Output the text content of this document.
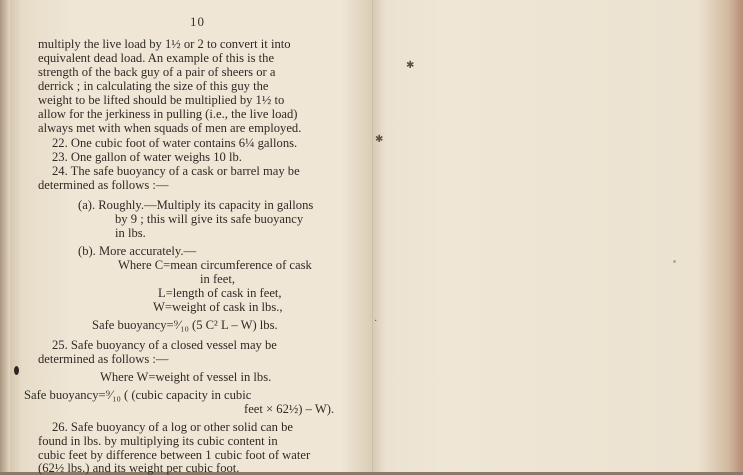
10
multiply the live load by 1½ or 2 to convert it into
equivalent dead load. An example of this is the
strength of the back guy of a pair of sheers or a
derrick ; in calculating the size of this guy the
weight to be lifted should be multiplied by 1½ to
allow for the jerkiness in pulling (i.e., the live load)
always met with when squads of men are employed.
22. One cubic foot of water contains 6¼ gallons.
23. One gallon of water weighs 10 lb.
24. The safe buoyancy of a cask or barrel may be
determined as follows :—
(a). Roughly.—Multiply its capacity in gallons
by 9 ; this will give its safe buoyancy
in lbs.
(b). More accurately.—
Where C=mean circumference of cask
in feet,
L=length of cask in feet,
W=weight of cask in lbs.,
Safe buoyancy=⁹⁄₁₀ (5 C² L – W) lbs.
25. Safe buoyancy of a closed vessel may be
determined as follows :—
Where W=weight of vessel in lbs.
Safe buoyancy=⁹⁄₁₀ ( (cubic capacity in cubic
feet × 62½) – W).
26. Safe buoyancy of a log or other solid can be
found in lbs. by multiplying its cubic content in
cubic feet by difference between 1 cubic foot of water
(62½ lbs.) and its weight per cubic foot.
✱
✱
·
